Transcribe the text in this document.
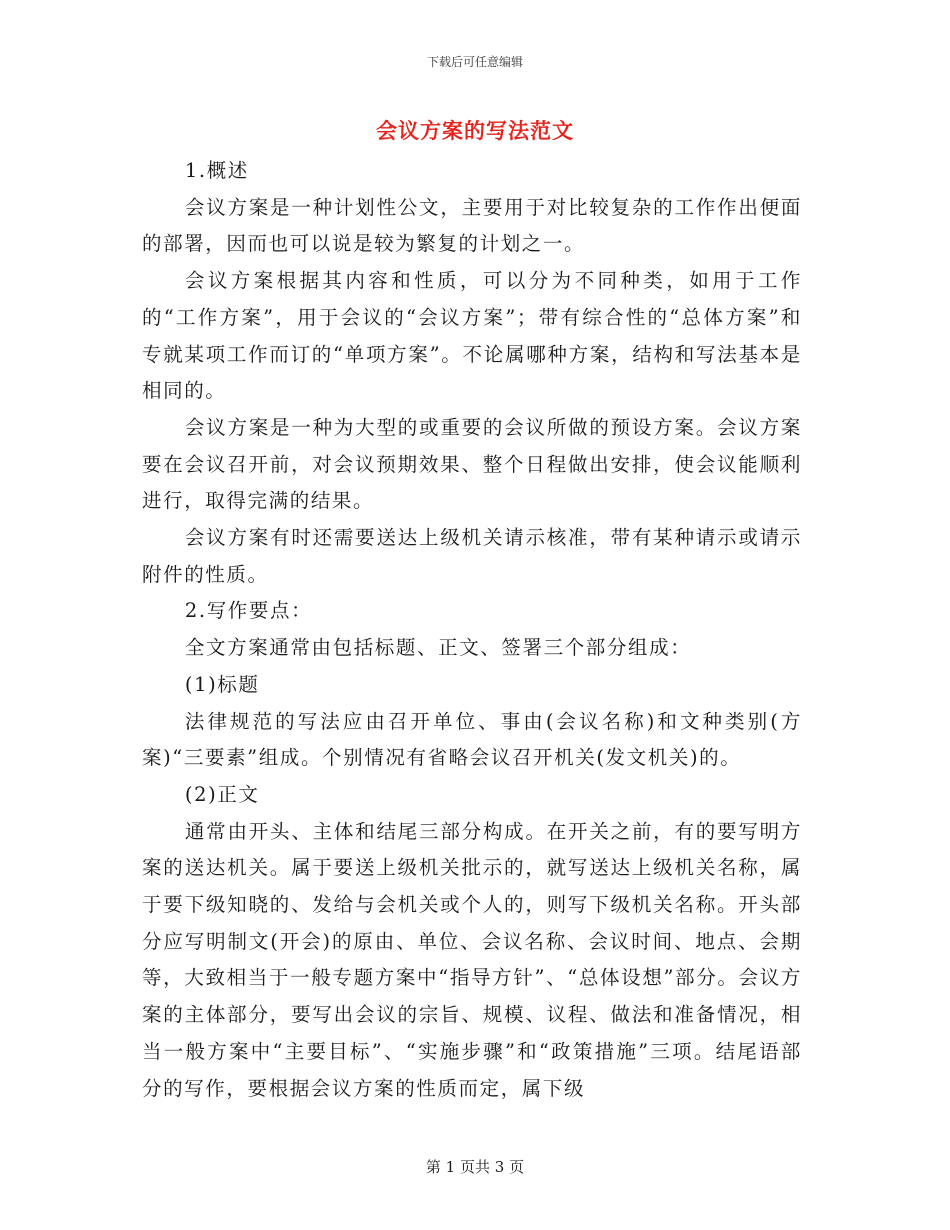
下载后可任意编辑
会议方案的写法范文

1.概述

会议方案是一种计划性公文，主要用于对比较复杂的工作作出便面的部署，因而也可以说是较为繁复的计划之一。

会议方案根据其内容和性质，可以分为不同种类，如用于工作的“工作方案”，用于会议的“会议方案”；带有综合性的“总体方案”和专就某项工作而订的“单项方案”。不论属哪种方案，结构和写法基本是相同的。

会议方案是一种为大型的或重要的会议所做的预设方案。会议方案要在会议召开前，对会议预期效果、整个日程做出安排，使会议能顺利进行，取得完满的结果。

会议方案有时还需要送达上级机关请示核准，带有某种请示或请示附件的性质。

2.写作要点：

全文方案通常由包括标题、正文、签署三个部分组成：

(1)标题

法律规范的写法应由召开单位、事由(会议名称)和文种类别(方案)“三要素”组成。个别情况有省略会议召开机关(发文机关)的。

(2)正文

通常由开头、主体和结尾三部分构成。在开关之前，有的要写明方案的送达机关。属于要送上级机关批示的，就写送达上级机关名称，属于要下级知晓的、发给与会机关或个人的，则写下级机关名称。开头部分应写明制文(开会)的原由、单位、会议名称、会议时间、地点、会期等，大致相当于一般专题方案中“指导方针”、“总体设想”部分。会议方案的主体部分，要写出会议的宗旨、规模、议程、做法和准备情况，相当一般方案中“主要目标”、“实施步骤”和“政策措施”三项。结尾语部分的写作，要根据会议方案的性质而定，属下级

第 1 页共 3 页
